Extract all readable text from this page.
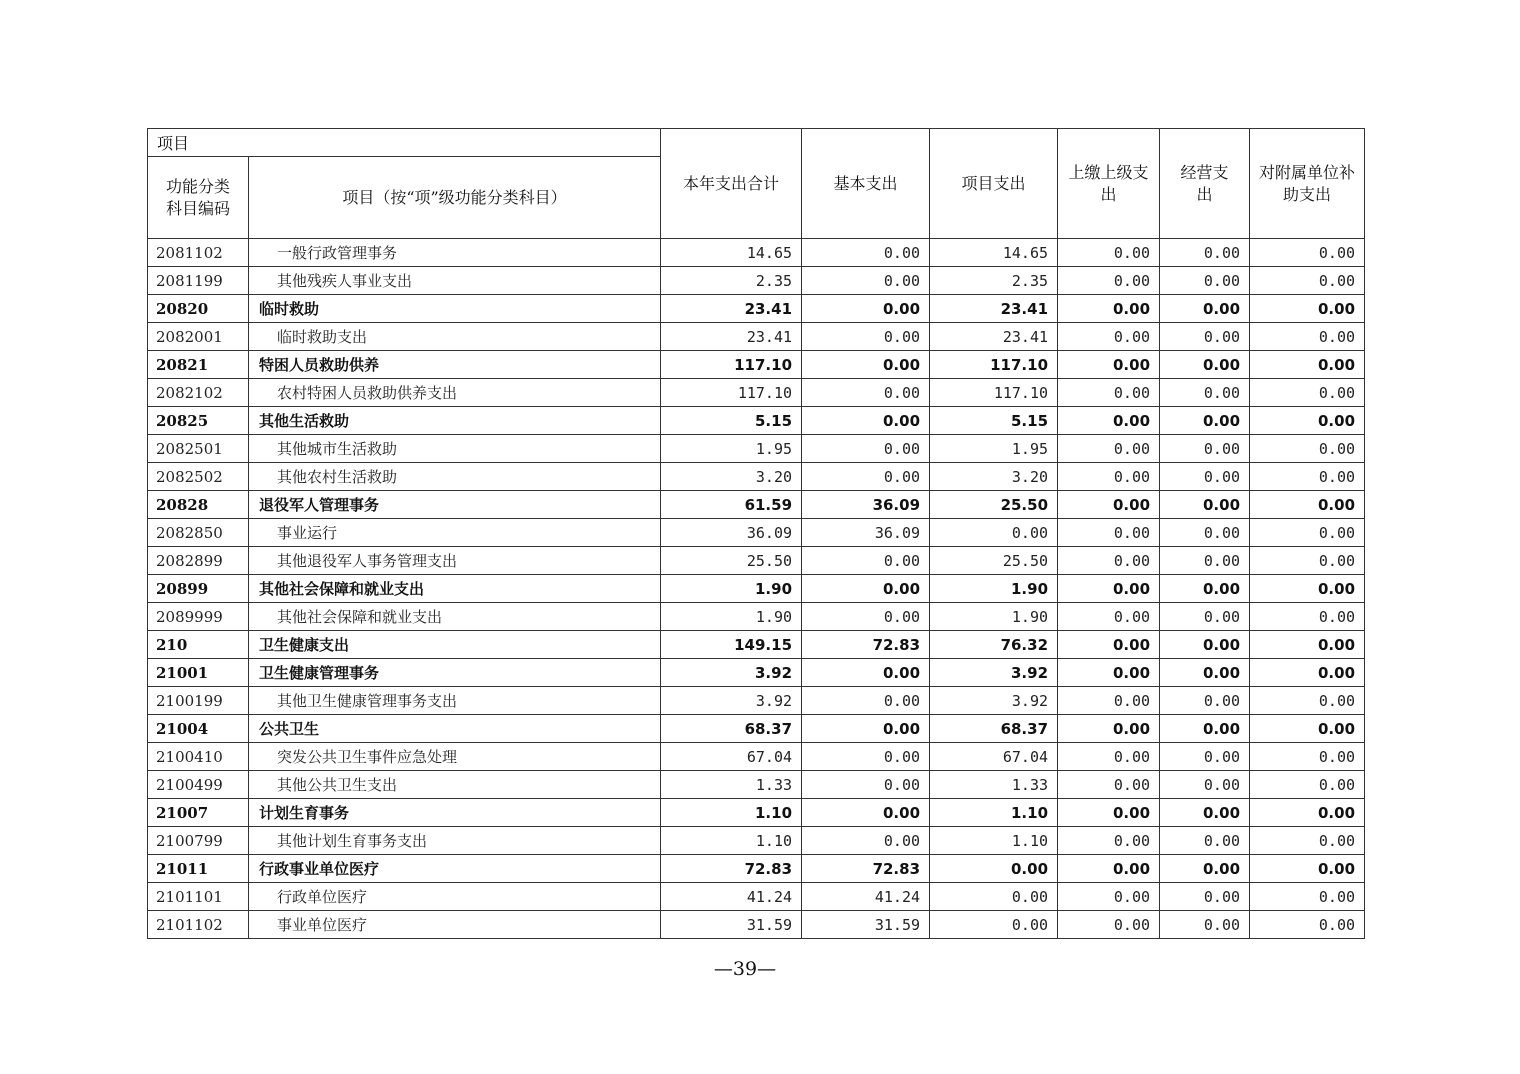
项目		本年支出合计	基本支出	项目支出	上缴上级支出	经营支出	对附属单位补助支出
功能分类科目编码	项目（按“项”级功能分类科目）						
2081102	一般行政管理事务	14.65	0.00	14.65	0.00	0.00	0.00
2081199	其他残疾人事业支出	2.35	0.00	2.35	0.00	0.00	0.00
20820	临时救助	23.41	0.00	23.41	0.00	0.00	0.00
2082001	临时救助支出	23.41	0.00	23.41	0.00	0.00	0.00
20821	特困人员救助供养	117.10	0.00	117.10	0.00	0.00	0.00
2082102	农村特困人员救助供养支出	117.10	0.00	117.10	0.00	0.00	0.00
20825	其他生活救助	5.15	0.00	5.15	0.00	0.00	0.00
2082501	其他城市生活救助	1.95	0.00	1.95	0.00	0.00	0.00
2082502	其他农村生活救助	3.20	0.00	3.20	0.00	0.00	0.00
20828	退役军人管理事务	61.59	36.09	25.50	0.00	0.00	0.00
2082850	事业运行	36.09	36.09	0.00	0.00	0.00	0.00
2082899	其他退役军人事务管理支出	25.50	0.00	25.50	0.00	0.00	0.00
20899	其他社会保障和就业支出	1.90	0.00	1.90	0.00	0.00	0.00
2089999	其他社会保障和就业支出	1.90	0.00	1.90	0.00	0.00	0.00
210	卫生健康支出	149.15	72.83	76.32	0.00	0.00	0.00
21001	卫生健康管理事务	3.92	0.00	3.92	0.00	0.00	0.00
2100199	其他卫生健康管理事务支出	3.92	0.00	3.92	0.00	0.00	0.00
21004	公共卫生	68.37	0.00	68.37	0.00	0.00	0.00
2100410	突发公共卫生事件应急处理	67.04	0.00	67.04	0.00	0.00	0.00
2100499	其他公共卫生支出	1.33	0.00	1.33	0.00	0.00	0.00
21007	计划生育事务	1.10	0.00	1.10	0.00	0.00	0.00
2100799	其他计划生育事务支出	1.10	0.00	1.10	0.00	0.00	0.00
21011	行政事业单位医疗	72.83	72.83	0.00	0.00	0.00	0.00
2101101	行政单位医疗	41.24	41.24	0.00	0.00	0.00	0.00
2101102	事业单位医疗	31.59	31.59	0.00	0.00	0.00	0.00
—39—
